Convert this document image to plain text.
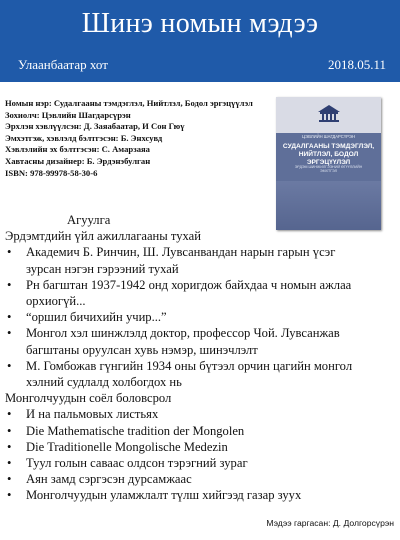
Шинэ номын мэдээ
Улаанбаатар хот	2018.05.11
Номын нэр: Судалгааны тэмдэглэл, Нийтлэл, Бодол эргэцүүлэл
Зохиолч: Цэвлийн Шагдарсүрэн
Эрхлэн хэвлүүлсэн: Д. Заяабаатар, И Сон Гюү
Эмхэтгэж, хэвлэлд бэлтгэсэн: Б. Энхсувд
Хэвлэлийн эх бэлтгэсэн: С. Амарзаяа
Хавтасны дизайнер: Б. Эрдэнэбулган
ISBN: 978-99978-58-30-6
ЦЭВЛИЙН ШАГДАРСҮРЭН
СУДАЛГААНЫ ТЭМДЭГЛЭЛ,
НИЙТЛЭЛ, БОДОЛ ЭРГЭЦҮҮЛЭЛ
ЭРДЭМ ШИНЖИЛГЭЭНИЙ ӨГҮҮЛЛИЙН ЭМХТГЭЛ
Агуулга
Эрдэмтдийн үйл ажиллагааны тухай
• Академич Б. Ринчин, Ш. Лувсанвандан нарын гарын үсэг
зурсан нэгэн гэрээний тухай
• Рн багштан 1937-1942 онд хоригдож байхдаа ч номын ажлаа
орхиогүй...
• “оршил бичихийн учир...”
• Монгол хэл шинжлэлд доктор, профессор Чой. Лувсанжав
багштаны оруулсан хувь нэмэр, шинэчлэлт
• М. Гомбожав гүнгийн 1934 оны бүтээл орчин цагийн монгол
хэлний судлалд холбогдох нь
Монголчуудын соёл боловсрол
• И на пальмовых листьях
• Die Mathematische tradition der Mongolen
• Die Traditionelle Mongolische Medezin
• Туул голын саваас олдсон тэрэгний зураг
• Аян замд сэргэсэн дурсамжаас
• Монголчуудын уламжлалт түлш хийгээд газар зуух
Мэдээ гаргасан: Д. Долгорсүрэн
